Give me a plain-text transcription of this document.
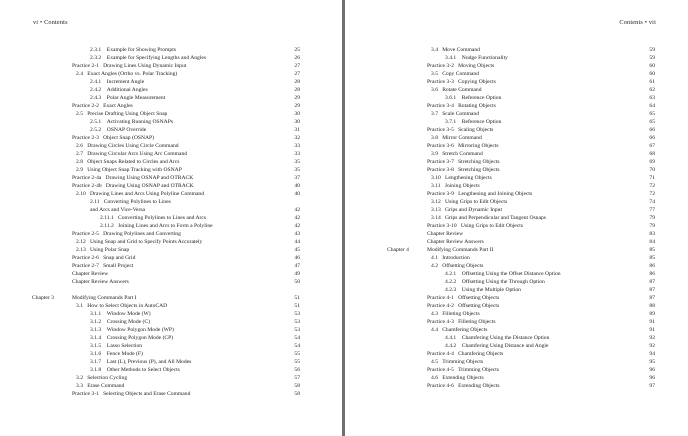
vi • Contents
2.3.1    Example for Showing Prompts	25
2.3.2    Example for Specifying Lengths and Angles	26
Practice 2-1   Drawing Lines Using Dynamic Input	27
2.4   Exact Angles (Ortho vs. Polar Tracking)	27
2.4.1    Increment Angle	28
2.4.2    Additional Angles	28
2.4.3    Polar Angle Measurement	29
Practice 2-2   Exact Angles	29
2.5   Precise Drafting Using Object Snap	30
2.5.1    Activating Running OSNAPs	30
2.5.2    OSNAP Override	31
Practice 2-3   Object Snap (OSNAP)	32
2.6   Drawing Circles Using Circle Command	33
2.7   Drawing Circular Arcs Using Arc Command	33
2.8   Object Snaps Related to Circles and Arcs	35
2.9   Using Object Snap Tracking with OSNAP	35
Practice 2-4a   Drawing Using OSNAP and OTRACK	37
Practice 2-4b   Drawing Using OSNAP and OTRACK	40
2.10   Drawing Lines and Arcs Using Polyline Command	40
2.11   Converting Polylines to Lines
and Arcs and Vice-Versa	42
2.11.1   Converting Polylines to Lines and Arcs	42
2.11.2   Joining Lines and Arcs to Form a Polyline	42
Practice 2-5   Drawing Polylines and Converting	43
2.12   Using Snap and Grid to Specify Points Accurately	44
2.13   Using Polar Snap	45
Practice 2-6   Snap and Grid	46
Practice 2-7   Small Project	47
Chapter Review	49
Chapter Review Answers	50
Chapter 3	Modifying Commands Part I	51
3.1   How to Select Objects in AutoCAD	51
3.1.1    Window Mode (W)	53
3.1.2    Crossing Mode (C)	53
3.1.3    Window Polygon Mode (WP)	53
3.1.4    Crossing Polygon Mode (CP)	54
3.1.5    Lasso Selection	54
3.1.6    Fence Mode (F)	55
3.1.7    Last (L), Previous (P), and All Modes	55
3.1.8    Other Methods to Select Objects	56
3.2   Selection Cycling	57
3.3   Erase Command	58
Practice 3-1   Selecting Objects and Erase Command	58
Contents • vii
3.4   Move Command	59
3.4.1    Nudge Functionality	59
Practice 3-2   Moving Objects	60
3.5   Copy Command	60
Practice 3-3   Copying Objects	61
3.6   Rotate Command	62
3.6.1    Reference Option	63
Practice 3-4   Rotating Objects	64
3.7   Scale Command	65
3.7.1    Reference Option	65
Practice 3-5   Scaling Objects	66
3.8   Mirror Command	66
Practice 3-6   Mirroring Objects	67
3.9   Stretch Command	68
Practice 3-7   Stretching Objects	69
Practice 3-8   Stretching Objects	70
3.10   Lengthening Objects	71
3.11   Joining Objects	72
Practice 3-9   Lengthening and Joining Objects	72
3.12   Using Grips to Edit Objects	74
3.13   Grips and Dynamic Input	77
3.14   Grips and Perpendicular and Tangent Osnaps	79
Practice 3-10   Using Grips to Edit Objects	79
Chapter Review	83
Chapter Review Answers	84
Chapter 4	Modifying Commands Part II	85
4.1   Introduction	85
4.2   Offsetting Objects	86
4.2.1    Offsetting Using the Offset Distance Option	86
4.2.2    Offsetting Using the Through Option	87
4.2.3    Using the Multiple Option	87
Practice 4-1   Offsetting Objects	87
Practice 4-2   Offsetting Objects	88
4.3   Filleting Objects	89
Practice 4-3   Filleting Objects	91
4.4   Chamfering Objects	91
4.4.1    Chamfering Using the Distance Option	92
4.4.2    Chamfering Using Distance and Angle	92
Practice 4-4   Chamfering Objects	94
4.5   Trimming Objects	95
Practice 4-5   Trimming Objects	96
4.6   Extending Objects	96
Practice 4-6   Extending Objects	97
